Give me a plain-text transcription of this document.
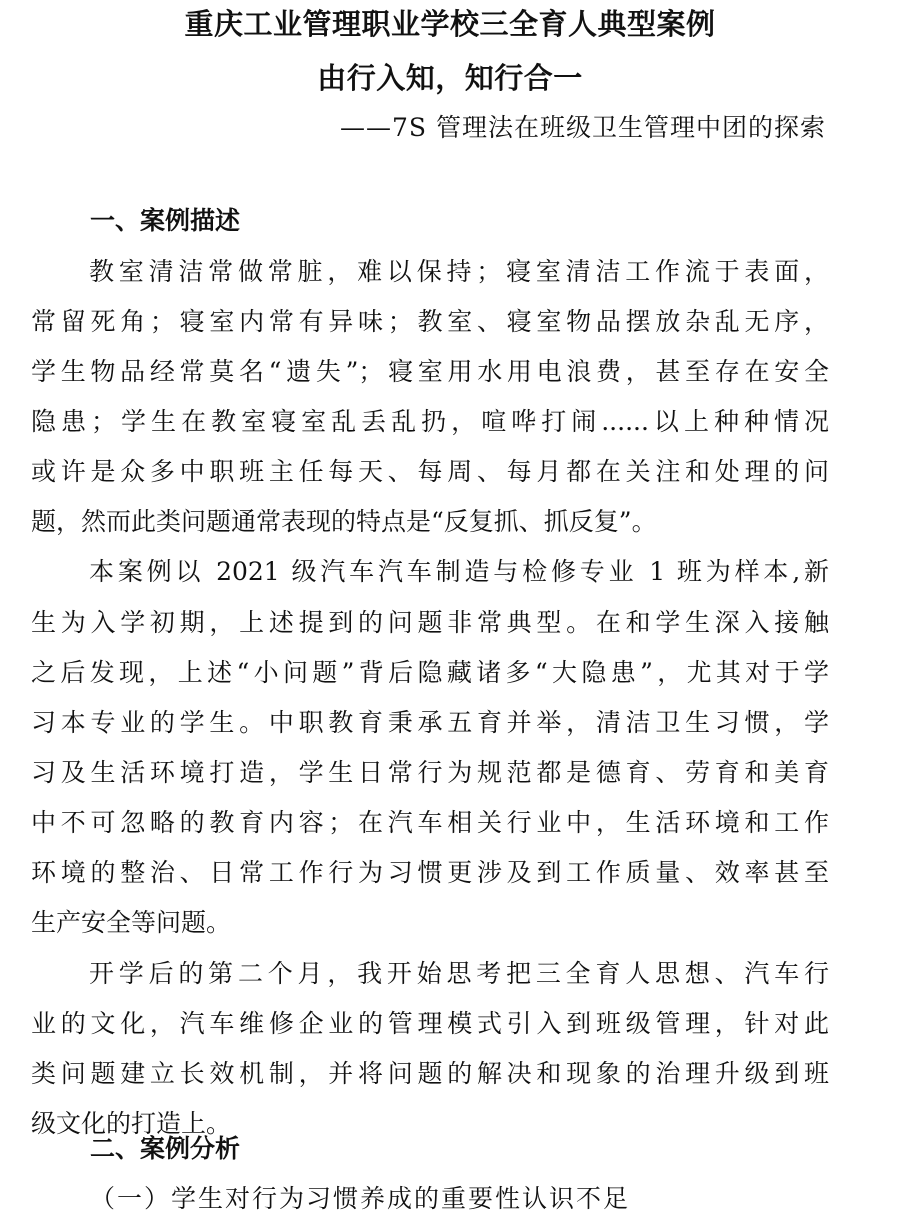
重庆工业管理职业学校三全育人典型案例
由行入知，知行合一
——7S 管理法在班级卫生管理中团的探索
一、案例描述
教室清洁常做常脏，难以保持；寝室清洁工作流于表面，
常留死角；寝室内常有异味；教室、寝室物品摆放杂乱无序，
学生物品经常莫名“遗失”；寝室用水用电浪费，甚至存在安全
隐患；学生在教室寝室乱丢乱扔，喧哗打闹......以上种种情况
或许是众多中职班主任每天、每周、每月都在关注和处理的问
题，然而此类问题通常表现的特点是“反复抓、抓反复”。
本案例以 2021 级汽车汽车制造与检修专业 1 班为样本,新
生为入学初期，上述提到的问题非常典型。在和学生深入接触
之后发现，上述“小问题”背后隐藏诸多“大隐患”，尤其对于学
习本专业的学生。中职教育秉承五育并举，清洁卫生习惯，学
习及生活环境打造，学生日常行为规范都是德育、劳育和美育
中不可忽略的教育内容；在汽车相关行业中，生活环境和工作
环境的整治、日常工作行为习惯更涉及到工作质量、效率甚至
生产安全等问题。
开学后的第二个月，我开始思考把三全育人思想、汽车行
业的文化，汽车维修企业的管理模式引入到班级管理，针对此
类问题建立长效机制，并将问题的解决和现象的治理升级到班
级文化的打造上。
二、案例分析
（一）学生对行为习惯养成的重要性认识不足
